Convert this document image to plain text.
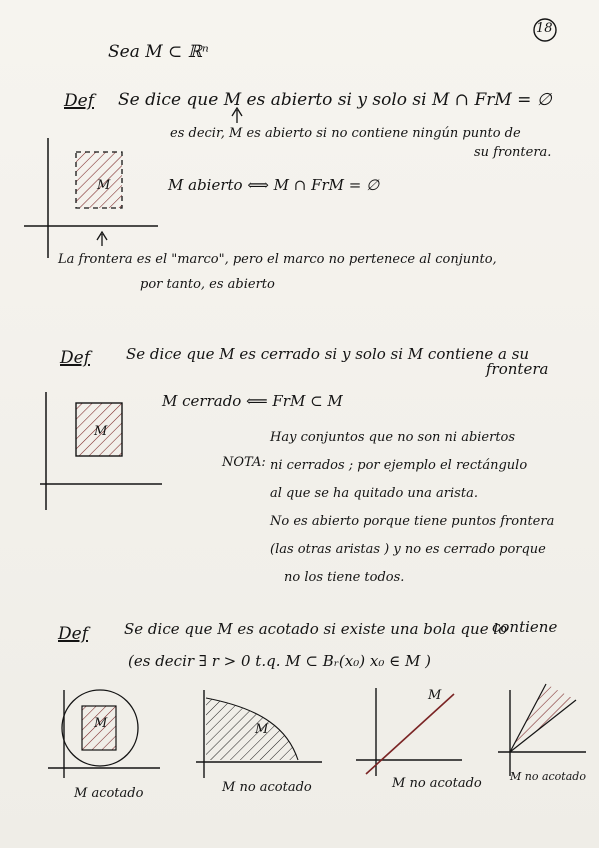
18
Sea M ⊂ ℝⁿ
Def Se dice que M es abierto si y solo si M ∩ FrM = ∅
es decir, M es abierto si no contiene ningún punto de
su frontera.
M	M abierto ⟺ M ∩ FrM = ∅
La frontera es el "marco", pero el marco no pertenece al conjunto,
por tanto, es abierto
Def Se dice que M es cerrado si y solo si M contiene a su
frontera
M cerrado ⟸ FrM ⊂ M
M
NOTA:
Hay conjuntos que no son ni abiertos
ni cerrados ; por ejemplo el rectángulo
al que se ha quitado una arista.
No es abierto porque tiene puntos frontera
(las otras aristas ) y no es cerrado porque
no los tiene todos.
Def Se dice que M es acotado si existe una bola que lo
contiene
(es decir ∃ r > 0 t.q. M ⊂ Bᵣ(x₀) x₀ ∈ M )
M	M
M
M acotado	M no acotado	M no acotado	M no acotado
